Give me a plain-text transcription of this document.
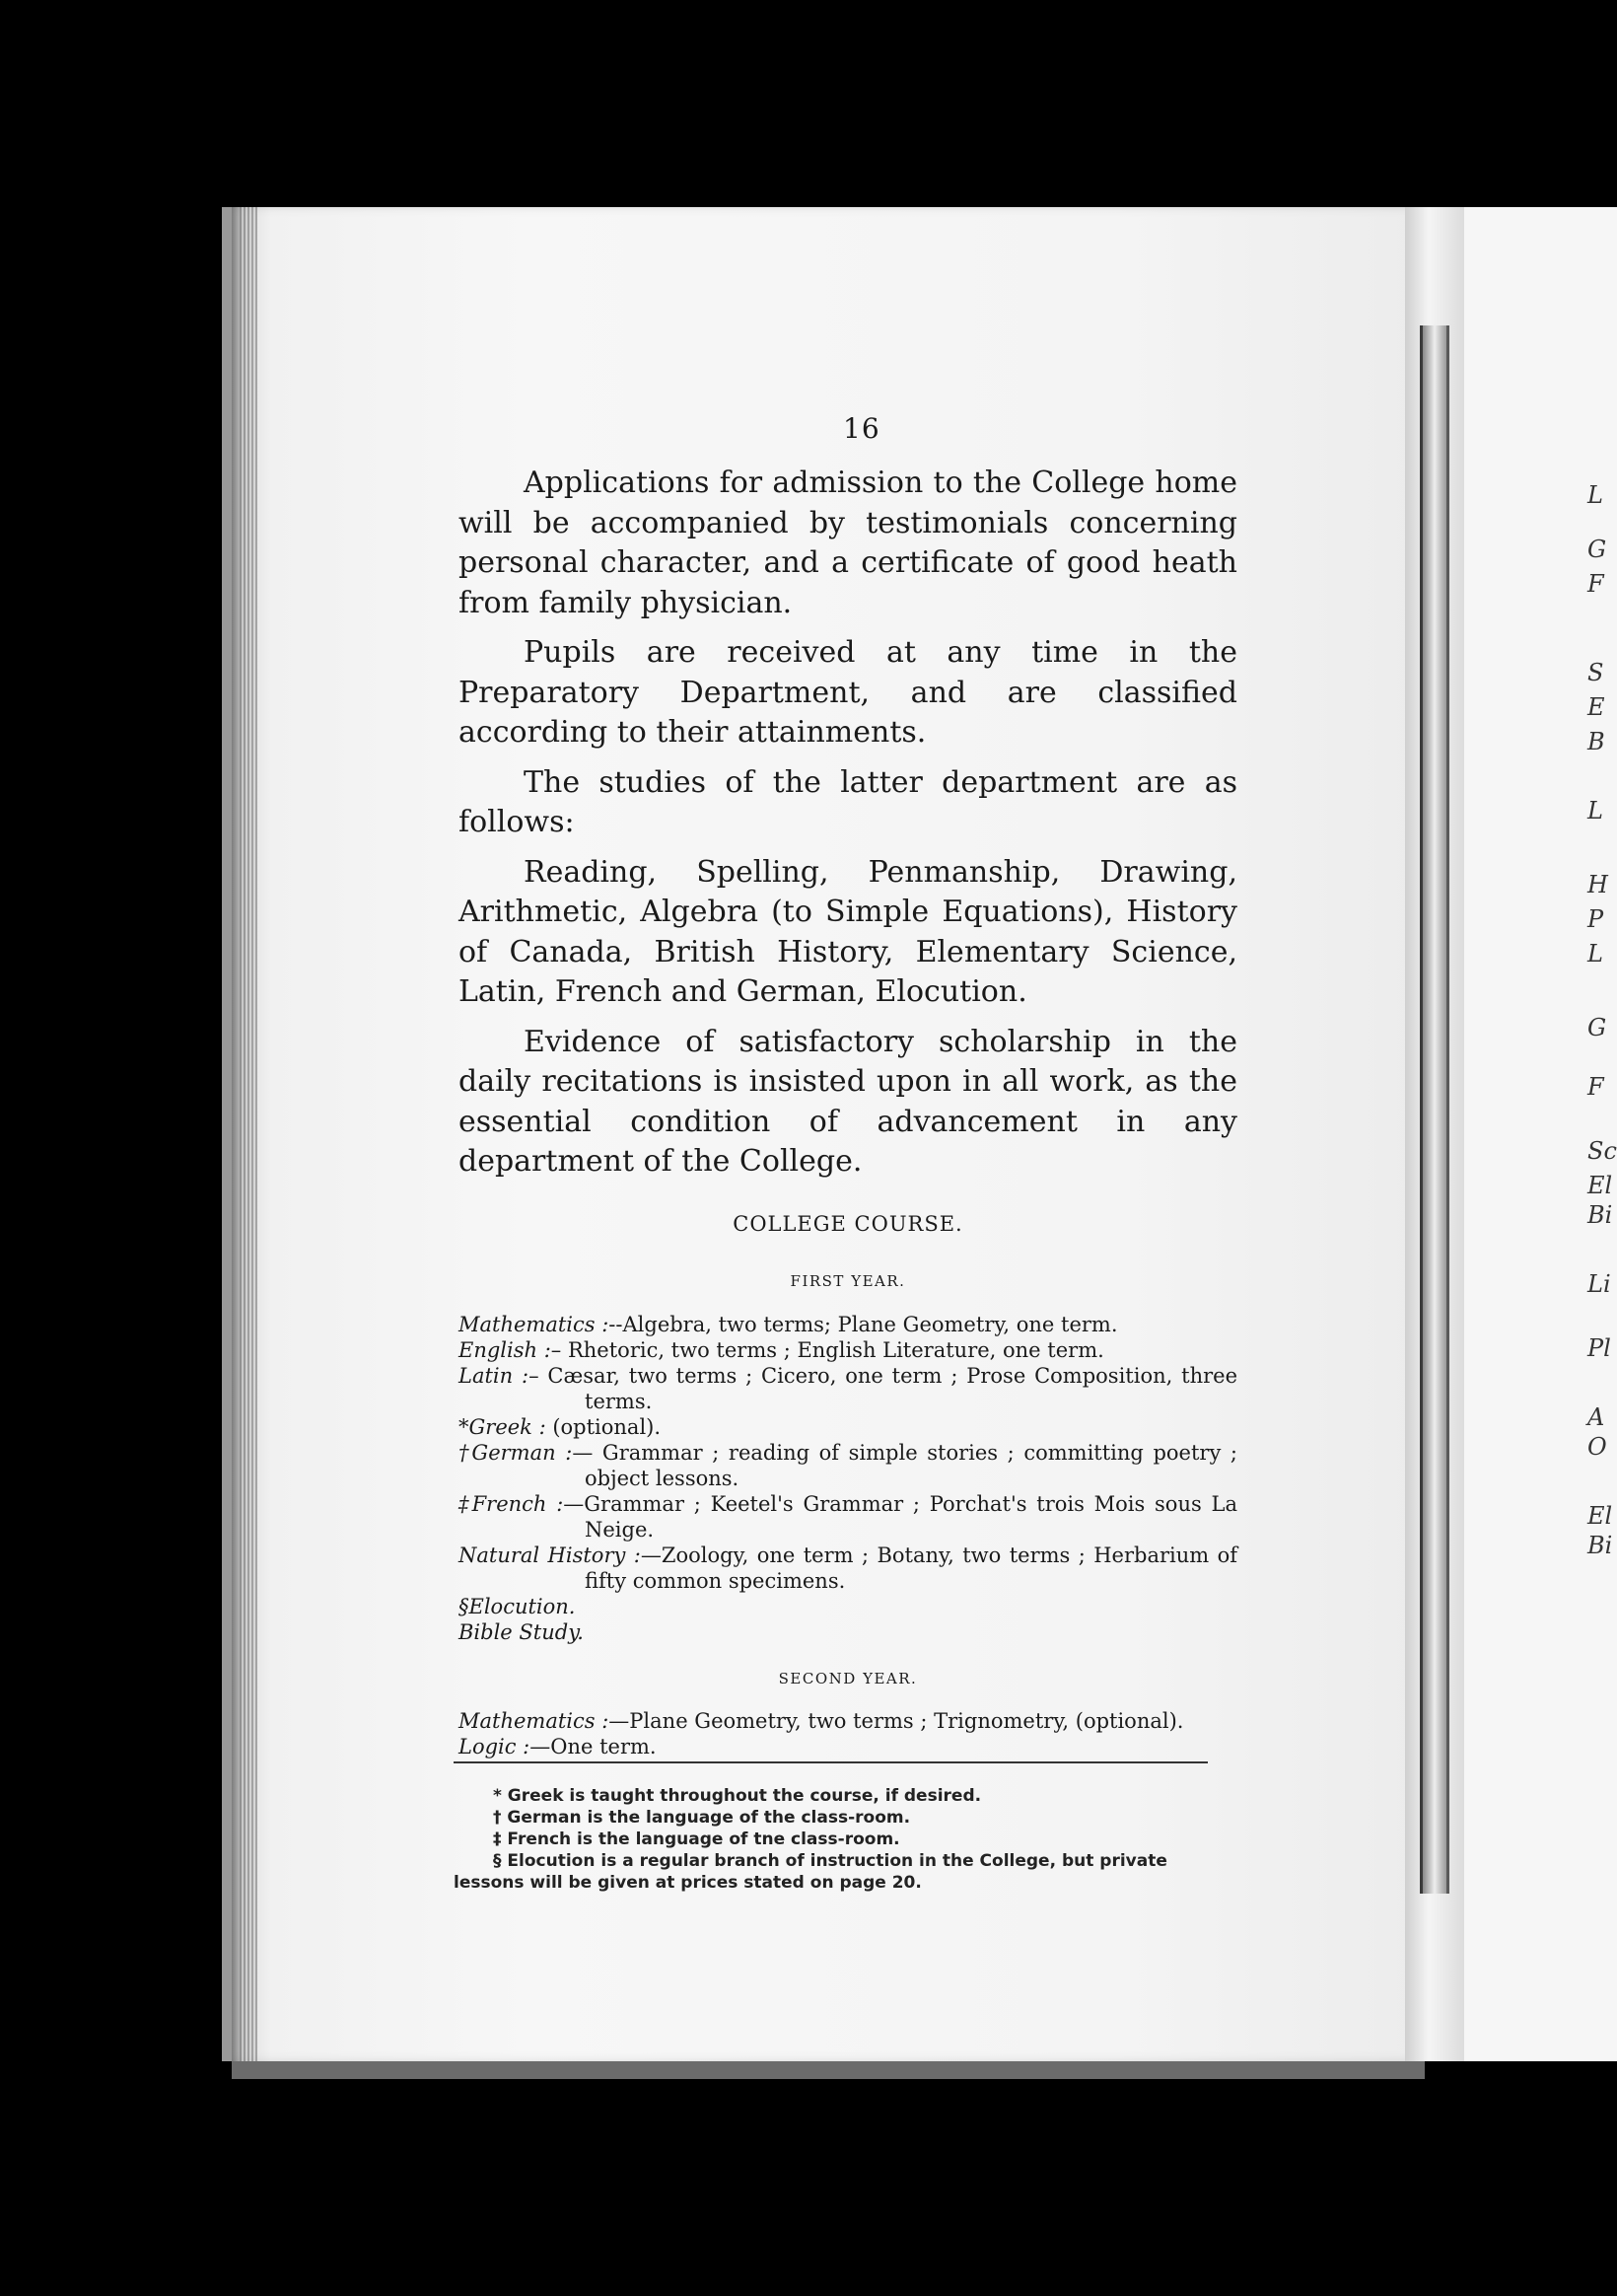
L
G
F
S
E
B
L
H
P
L
G
F
Sc
El
Bi
Li
Pl
A
O
El
Bi
16

Applications for admission to the College home will be accompanied by testimonials concerning personal character, and a certificate of good heath from family physician.

Pupils are received at any time in the Preparatory Department, and are classified according to their attainments.

The studies of the latter department are as follows:

Reading, Spelling, Penmanship, Drawing, Arithmetic, Algebra (to Simple Equations), History of Canada, British History, Elementary Science, Latin, French and German, Elocution.

Evidence of satisfactory scholarship in the daily recitations is insisted upon in all work, as the essential condition of advancement in any department of the College.

COLLEGE COURSE.
FIRST YEAR.
Mathematics :--Algebra, two terms; Plane Geometry, one term.
English :– Rhetoric, two terms ; English Literature, one term.
Latin :– Cæsar, two terms ; Cicero, one term ; Prose Composition, three terms.
*Greek : (optional).
†German :— Grammar ; reading of simple stories ; committing poetry ; object lessons.
‡French :—Grammar ; Keetel's Grammar ; Porchat's trois Mois sous La Neige.
Natural History :—Zoology, one term ; Botany, two terms ; Herbarium of fifty common specimens.
§Elocution.
Bible Study.
SECOND YEAR.
Mathematics :—Plane Geometry, two terms ; Trignometry, (optional).
Logic :—One term.

* Greek is taught throughout the course, if desired.

† German is the language of the class-room.

‡ French is the language of tne class-room.

§ Elocution is a regular branch of instruction in the College, but private lessons will be given at prices stated on page 20.
